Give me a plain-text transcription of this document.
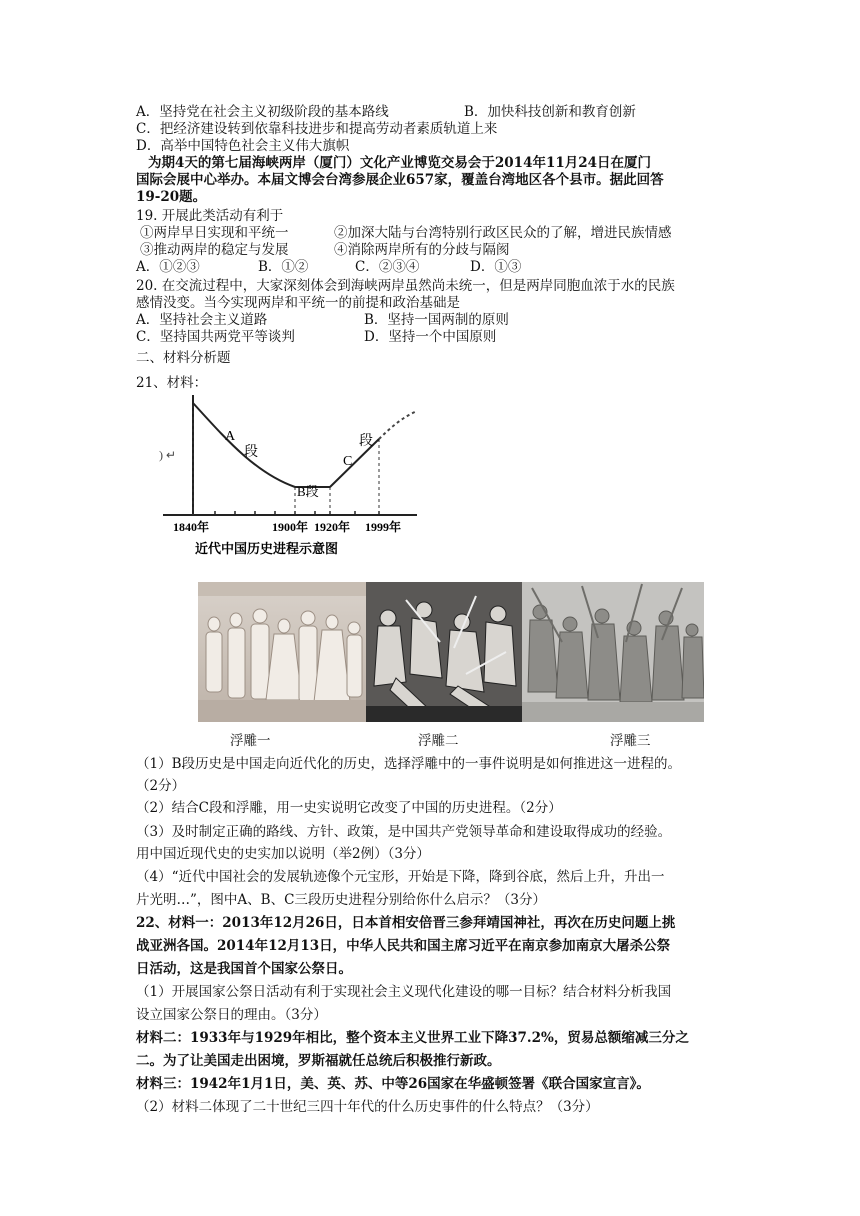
A．坚持党在社会主义初级阶段的基本路线	B．加快科技创新和教育创新
C．把经济建设转到依靠科技进步和提高劳动者素质轨道上来
D．高举中国特色社会主义伟大旗帜
为期4天的第七届海峡两岸（厦门）文化产业博览交易会于2014年11月24日在厦门
国际会展中心举办。本届文博会台湾参展企业657家，覆盖台湾地区各个县市。据此回答
19-20题。
19. 开展此类活动有利于
①两岸早日实现和平统一	②加深大陆与台湾特别行政区民众的了解，增进民族情感
③推动两岸的稳定与发展	④消除两岸所有的分歧与隔阂
A．①②③	B．①②	C．②③④	D．①③
20. 在交流过程中，大家深刻体会到海峡两岸虽然尚未统一，但是两岸同胞血浓于水的民族
感情没变。当今实现两岸和平统一的前提和政治基础是
A．坚持社会主义道路	B．坚持一国两制的原则
C．坚持国共两党平等谈判	D．坚持一个中国原则
二、材料分析题
21、材料：
A
段
B段
C
段
) ↵
1840年	1900年 1920年 1999年
近代中国历史进程示意图
浮雕一	浮雕二	浮雕三
（1）B段历史是中国走向近代化的历史，选择浮雕中的一事件说明是如何推进这一进程的。
（2分）
（2）结合C段和浮雕，用一史实说明它改变了中国的历史进程。（2分）
（3）及时制定正确的路线、方针、政策，是中国共产党领导革命和建设取得成功的经验。
用中国近现代史的史实加以说明（举2例）（3分）
（4）“近代中国社会的发展轨迹像个元宝形，开始是下降，降到谷底，然后上升，升出一
片光明…”，图中A、B、C三段历史进程分别给你什么启示？（3分）
22、材料一：2013年12月26日，日本首相安倍晋三参拜靖国神社，再次在历史问题上挑
战亚洲各国。2014年12月13日，中华人民共和国主席习近平在南京参加南京大屠杀公祭
日活动，这是我国首个国家公祭日。
（1）开展国家公祭日活动有利于实现社会主义现代化建设的哪一目标？结合材料分析我国
设立国家公祭日的理由。（3分）
材料二：1933年与1929年相比，整个资本主义世界工业下降37.2%，贸易总额缩减三分之
二。为了让美国走出困境，罗斯福就任总统后积极推行新政。
材料三：1942年1月1日，美、英、苏、中等26国家在华盛顿签署《联合国家宣言》。
（2）材料二体现了二十世纪三四十年代的什么历史事件的什么特点？（3分）
